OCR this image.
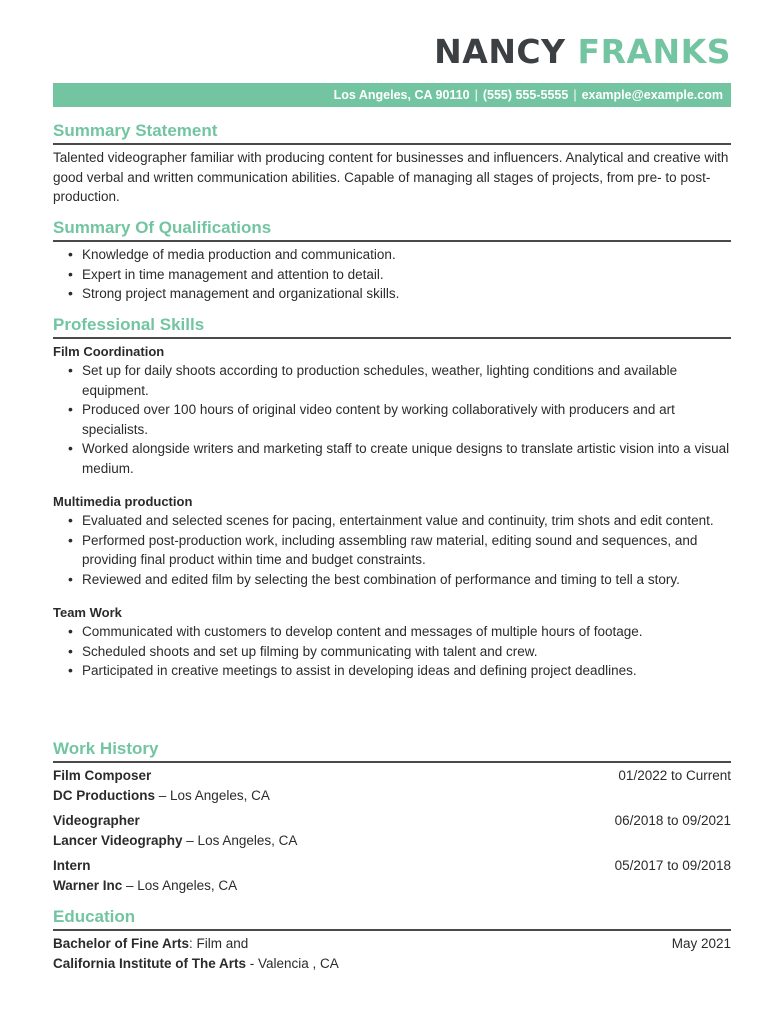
NANCY FRANKS
Los Angeles, CA 90110 | (555) 555-5555 | example@example.com
Summary Statement

Talented videographer familiar with producing content for businesses and influencers. Analytical and creative with good verbal and written communication abilities. Capable of managing all stages of projects, from pre- to post-production.

Summary Of Qualifications
• Knowledge of media production and communication.
• Expert in time management and attention to detail.
• Strong project management and organizational skills.
Professional Skills
Film Coordination
• Set up for daily shoots according to production schedules, weather, lighting conditions and available equipment.
• Produced over 100 hours of original video content by working collaboratively with producers and art specialists.
• Worked alongside writers and marketing staff to create unique designs to translate artistic vision into a visual medium.
Multimedia production
• Evaluated and selected scenes for pacing, entertainment value and continuity, trim shots and edit content.
• Performed post-production work, including assembling raw material, editing sound and sequences, and providing final product within time and budget constraints.
• Reviewed and edited film by selecting the best combination of performance and timing to tell a story.
Team Work
• Communicated with customers to develop content and messages of multiple hours of footage.
• Scheduled shoots and set up filming by communicating with talent and crew.
• Participated in creative meetings to assist in developing ideas and defining project deadlines.
Work History
Film Composer	01/2022 to Current
DC Productions – Los Angeles, CA
Videographer	06/2018 to 09/2021
Lancer Videography – Los Angeles, CA
Intern	05/2017 to 09/2018
Warner Inc – Los Angeles, CA
Education
Bachelor of Fine Arts: Film and	May 2021
California Institute of The Arts - Valencia , CA
